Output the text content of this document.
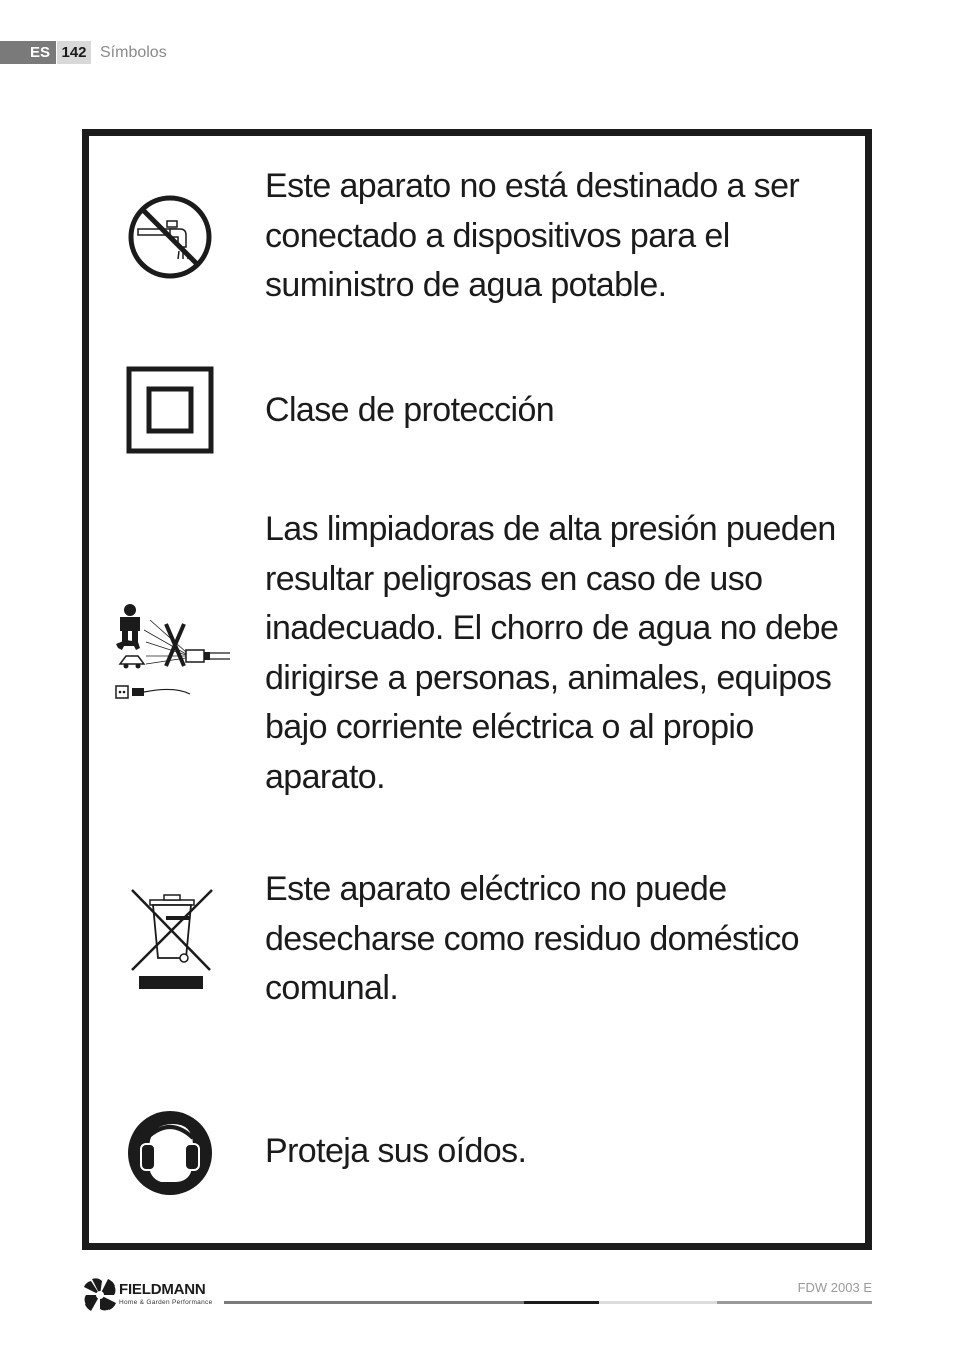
ES 142 Símbolos
Este aparato no está destinado a ser conectado a dispositivos para el suministro de agua potable.
Clase de protección
Las limpiadoras de alta presión pueden resultar peligrosas en caso de uso inadecuado. El chorro de agua no debe dirigirse a personas, animales, equipos bajo corriente eléctrica o al propio aparato.
Este aparato eléctrico no puede desecharse como residuo doméstico comunal.
Proteja sus oídos.
FIELDMANN
Home & Garden Performance
FDW 2003 E
